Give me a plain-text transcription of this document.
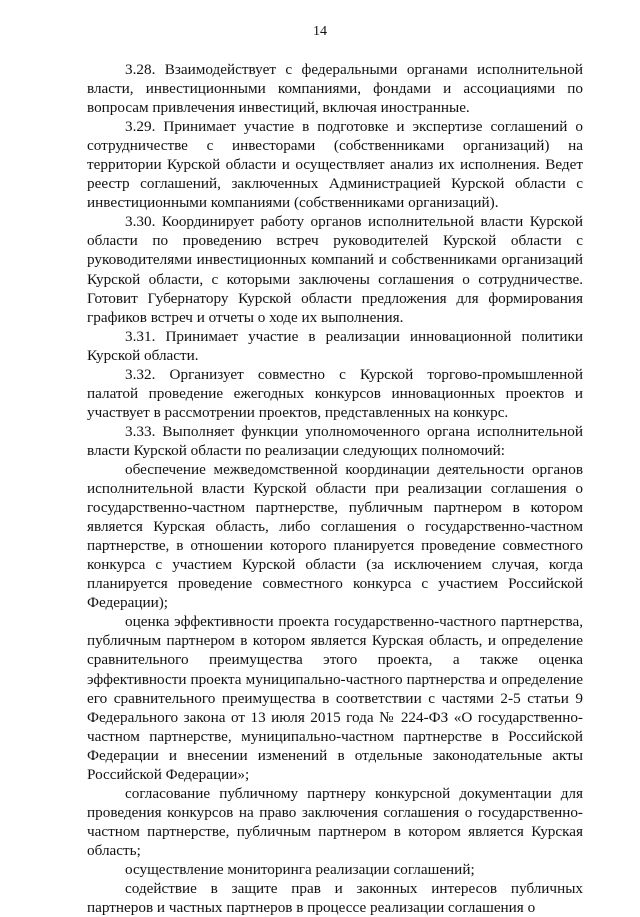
14

3.28. Взаимодействует с федеральными органами исполнительной власти, инвестиционными компаниями, фондами и ассоциациями по вопросам привлечения инвестиций, включая иностранные.

3.29. Принимает участие в подготовке и экспертизе соглашений о сотрудничестве с инвесторами (собственниками организаций) на территории Курской области и осуществляет анализ их исполнения. Ведет реестр соглашений, заключенных Администрацией Курской области с инвестиционными компаниями (собственниками организаций).

3.30. Координирует работу органов исполнительной власти Курской области по проведению встреч руководителей Курской области с руководителями инвестиционных компаний и собственниками организаций Курской области, с которыми заключены соглашения о сотрудничестве. Готовит Губернатору Курской области предложения для формирования графиков встреч и отчеты о ходе их выполнения.

3.31. Принимает участие в реализации инновационной политики Курской области.

3.32. Организует совместно с Курской торгово-промышленной палатой проведение ежегодных конкурсов инновационных проектов и участвует в рассмотрении проектов, представленных на конкурс.

3.33. Выполняет функции уполномоченного органа исполнительной власти Курской области по реализации следующих полномочий:

обеспечение межведомственной координации деятельности органов исполнительной власти Курской области при реализации соглашения о государственно-частном партнерстве, публичным партнером в котором является Курская область, либо соглашения о государственно-частном партнерстве, в отношении которого планируется проведение совместного конкурса с участием Курской области (за исключением случая, когда планируется проведение совместного конкурса с участием Российской Федерации);

оценка эффективности проекта государственно-частного партнерства, публичным партнером в котором является Курская область, и определение сравнительного преимущества этого проекта, а также оценка эффективности проекта муниципально-частного партнерства и определение его сравнительного преимущества в соответствии с частями 2-5 статьи 9 Федерального закона от 13 июля 2015 года № 224-ФЗ «О государственно-частном партнерстве, муниципально-частном партнерстве в Российской Федерации и внесении изменений в отдельные законодательные акты Российской Федерации»;

согласование публичному партнеру конкурсной документации для проведения конкурсов на право заключения соглашения о государственно-частном партнерстве, публичным партнером в котором является Курская область;

осуществление мониторинга реализации соглашений;

содействие в защите прав и законных интересов публичных партнеров и частных партнеров в процессе реализации соглашения о
